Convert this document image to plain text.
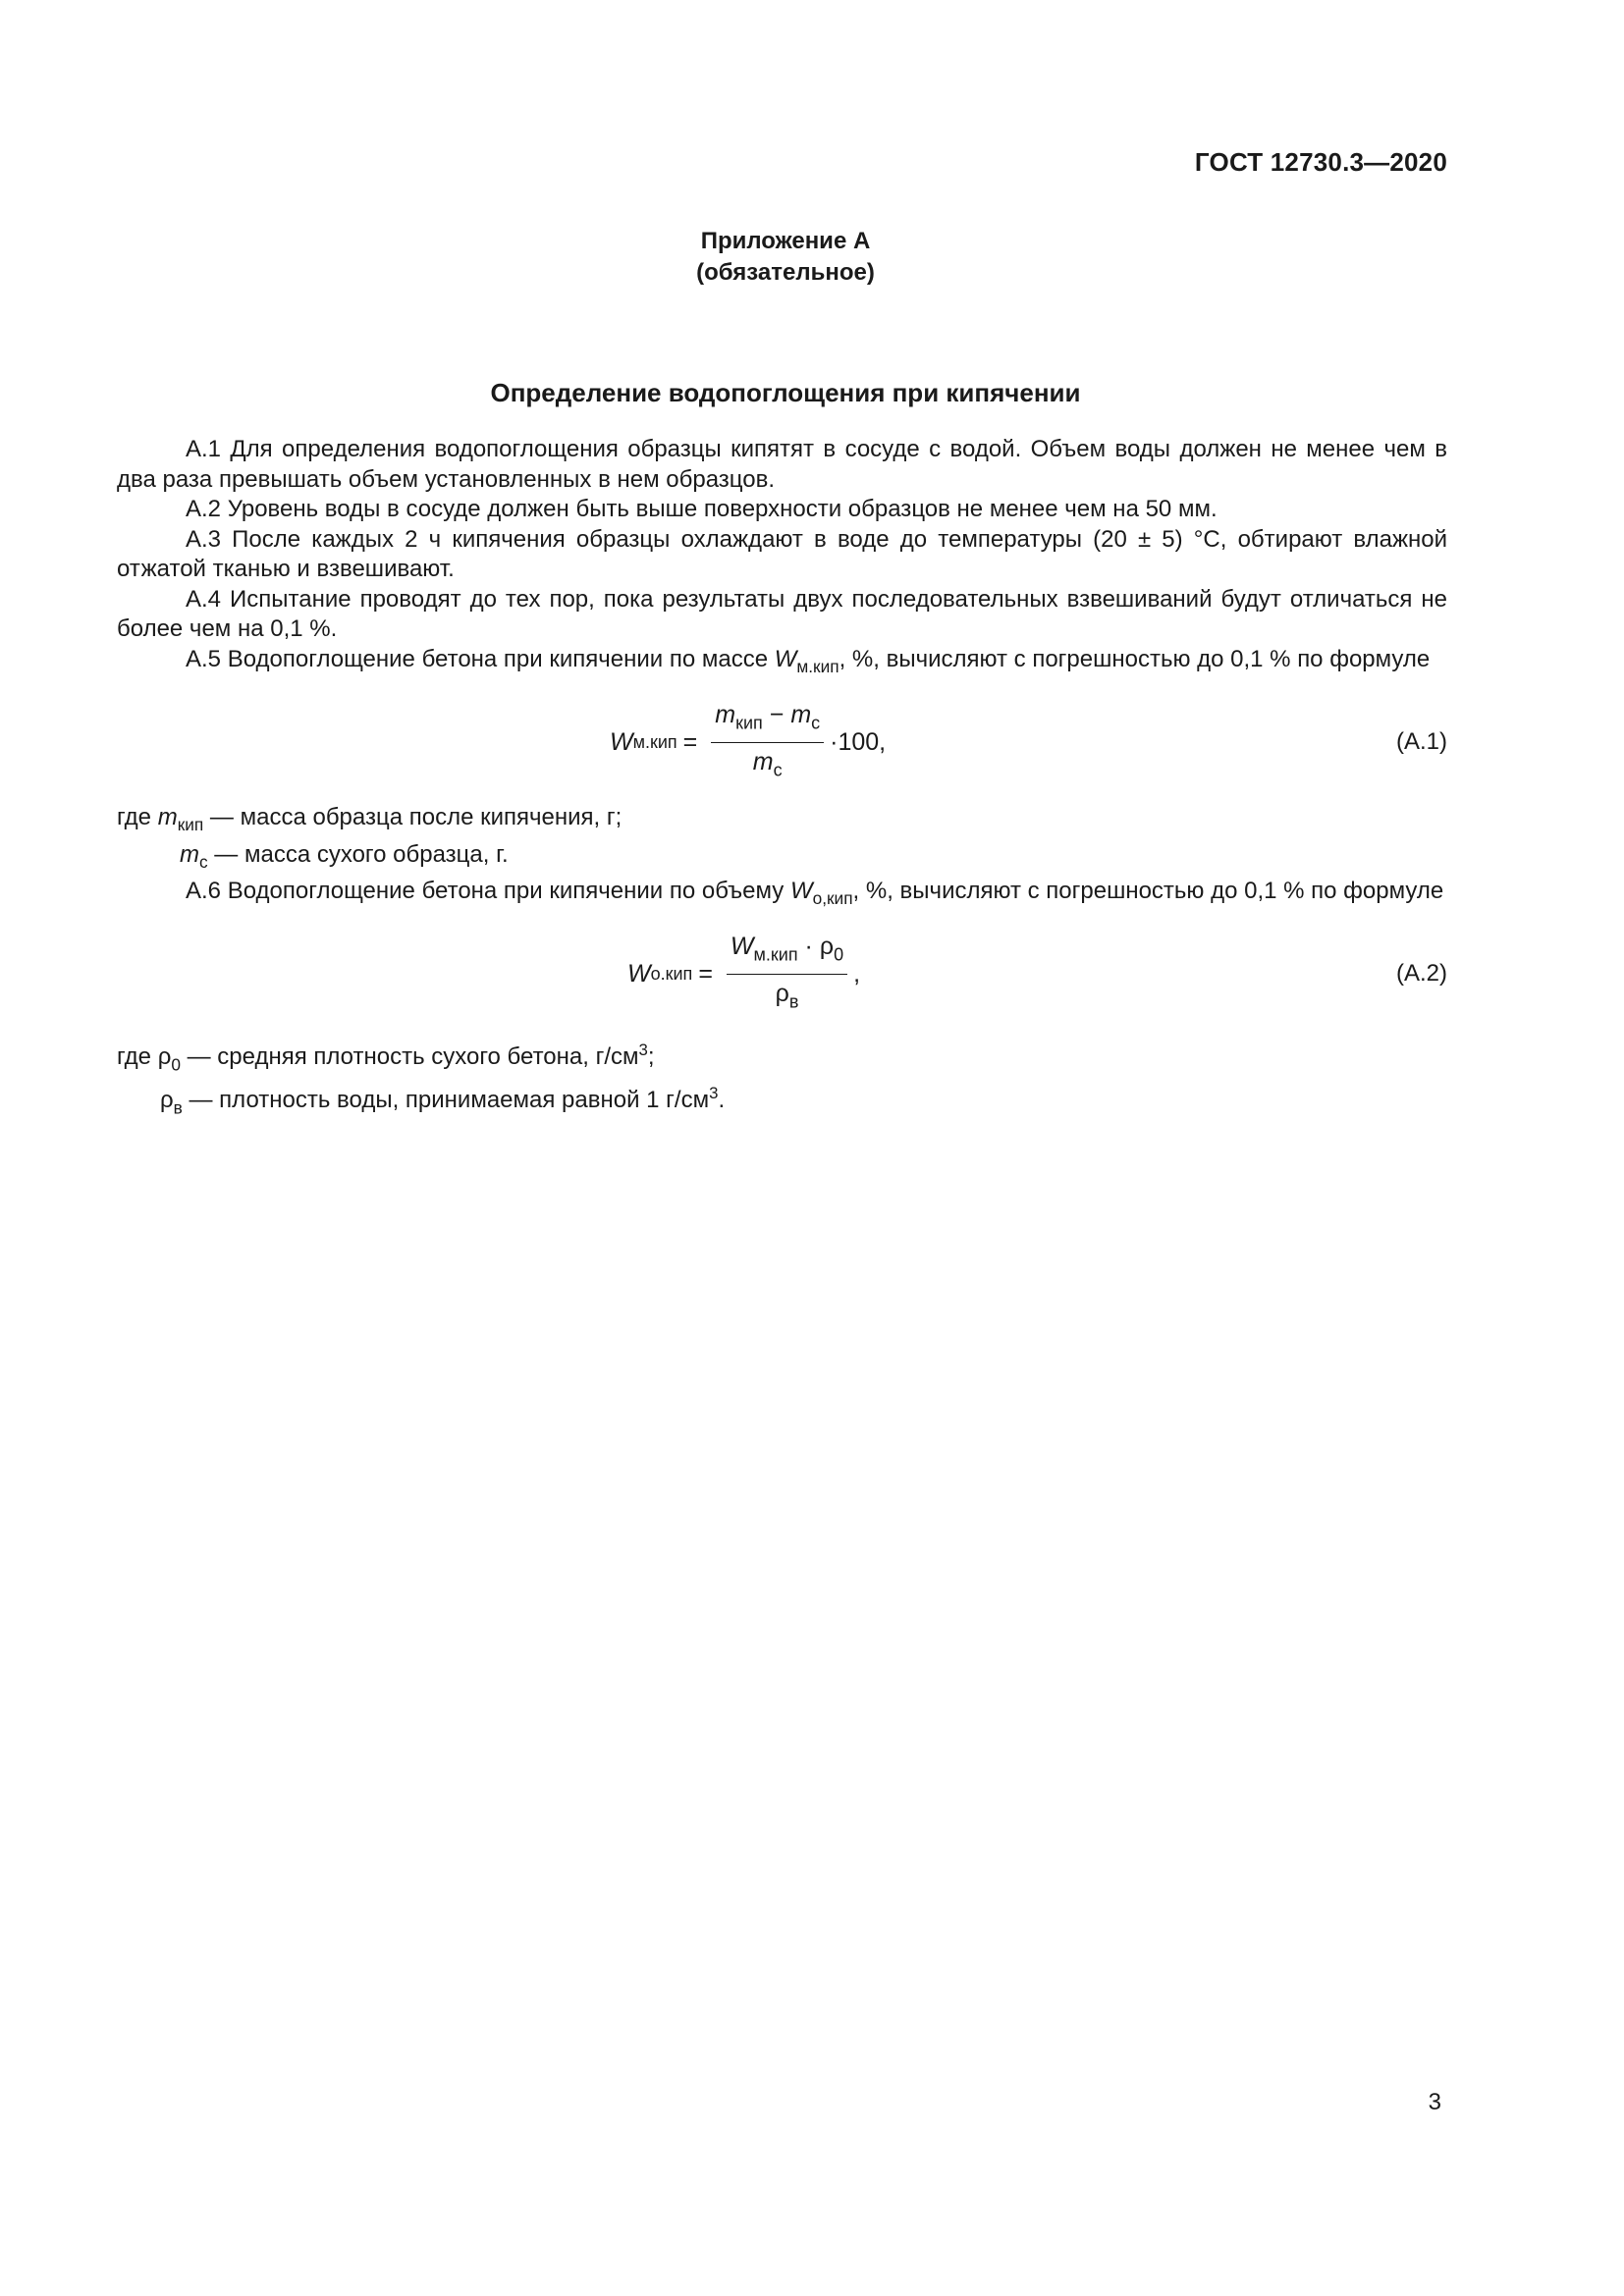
ГОСТ 12730.3—2020
Приложение А
(обязательное)
Определение водопоглощения при кипячении

А.1 Для определения водопоглощения образцы кипятят в сосуде с водой. Объем воды должен не менее чем в два раза превышать объем установленных в нем образцов.

А.2 Уровень воды в сосуде должен быть выше поверхности образцов не менее чем на 50 мм.

А.3 После каждых 2 ч кипячения образцы охлаждают в воде до температуры (20 ± 5) °С, обтирают влажной отжатой тканью и взвешивают.

А.4 Испытание проводят до тех пор, пока результаты двух последовательных взвешиваний будут отличаться не более чем на 0,1 %.

А.5 Водопоглощение бетона при кипячении по массе $W_{м.кип}$, %, вычисляют с погрешностью до 0,1 % по формуле

W $м.кип = \frac{m_{кип} - m_с}{m_с} \cdot 100$,	(А.1)

где $m_{кип}$ — масса образца после кипячения, г;

$m_с$ — масса сухого образца, г.

А.6 Водопоглощение бетона при кипячении по объему $W_{о,кип}$, %, вычисляют с погрешностью до 0,1 % по формуле

W $о.кип = \frac{W_{м.кип} \cdot \rho_0}{\rho_в}$ ,	(А.2)

где $\rho_0$ — средняя плотность сухого бетона, $г/см^3$;

$\rho_в$ — плотность воды, принимаемая равной 1 $г/см^3$.

3
